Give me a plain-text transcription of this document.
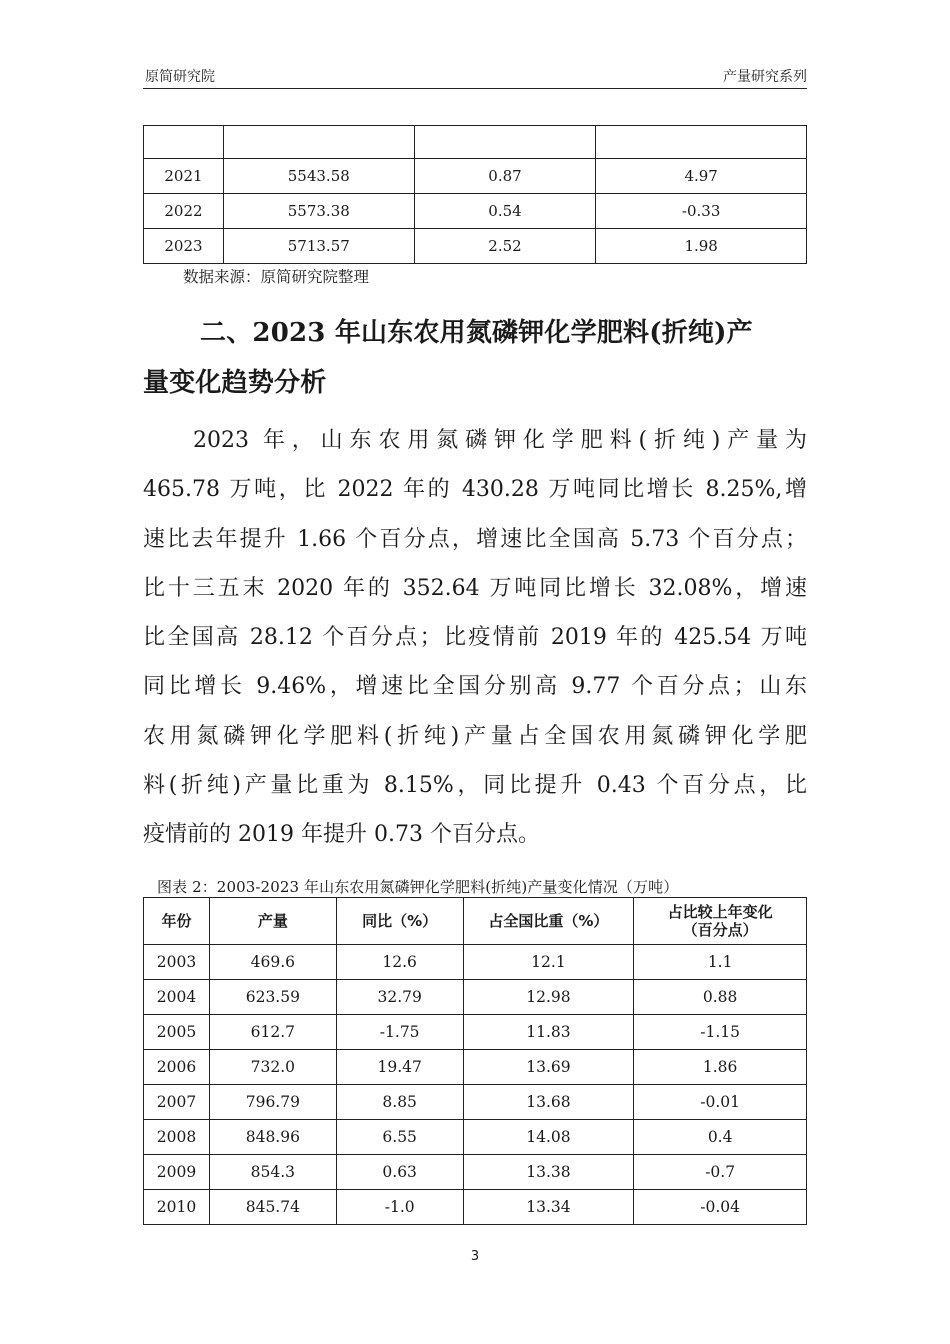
原简研究院	产量研究系列

2021	5543.58	0.87	4.97
2022	5573.38	0.54	-0.33
2023	5713.57	2.52	1.98
数据来源：原简研究院整理
二、2023 年山东农用氮磷钾化学肥料(折纯)产
量变化趋势分析
2023 年，山东农用氮磷钾化学肥料(折纯)产量为
465.78 万吨，比 2022 年的 430.28 万吨同比增长 8.25%,增
速比去年提升 1.66 个百分点，增速比全国高 5.73 个百分点；
比十三五末 2020 年的 352.64 万吨同比增长 32.08%，增速
比全国高 28.12 个百分点；比疫情前 2019 年的 425.54 万吨
同比增长 9.46%，增速比全国分别高 9.77 个百分点；山东
农用氮磷钾化学肥料(折纯)产量占全国农用氮磷钾化学肥
料(折纯)产量比重为 8.15%，同比提升 0.43 个百分点，比
疫情前的 2019 年提升 0.73 个百分点。
图表 2：2003-2023 年山东农用氮磷钾化学肥料(折纯)产量变化情况（万吨）
年份	产量	同比（%）	占全国比重（%）	占比较上年变化
（百分点）
2003	469.6	12.6	12.1	1.1
2004	623.59	32.79	12.98	0.88
2005	612.7	-1.75	11.83	-1.15
2006	732.0	19.47	13.69	1.86
2007	796.79	8.85	13.68	-0.01
2008	848.96	6.55	14.08	0.4
2009	854.3	0.63	13.38	-0.7
2010	845.74	-1.0	13.34	-0.04
3
